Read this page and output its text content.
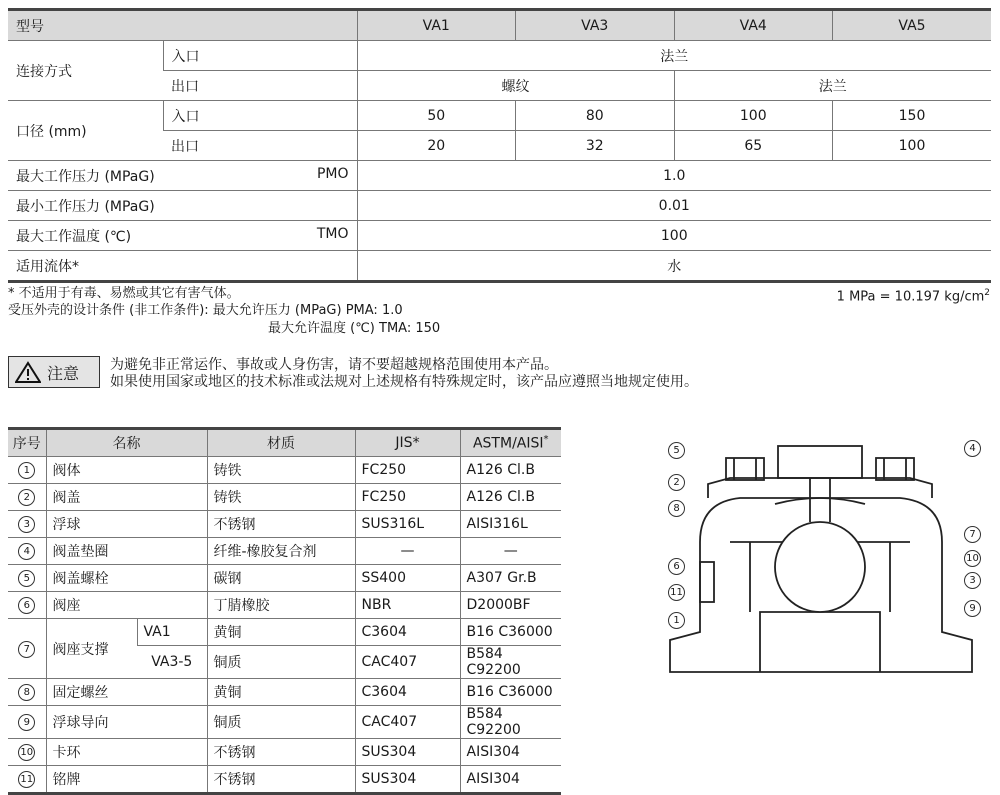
型号		VA1	VA3	VA4	VA5
连接方式	入口	法兰			
	出口	螺纹		法兰	
口径 (mm)	入口	50	80	100	150
	出口	20	32	65	100
最大工作压力 (MPaG) PMO		1.0			
最小工作压力 (MPaG)		0.01			
最大工作温度 (℃) TMO		100			
适用流体*		水			
* 不适用于有毒、易燃或其它有害气体。	1 MPa = 10.197 $kg/cm^2$
受压外壳的设计条件 (非工作条件): 最大允许压力 (MPaG) PMA: 1.0
最大允许温度 (℃) TMA: 150
注意 为避免非正常运作、事故或人身伤害，请不要超越规格范围使用本产品。
如果使用国家或地区的技术标准或法规对上述规格有特殊规定时，该产品应遵照当地规定使用。
序号	名称		材质	JIS*	ASTM/AISI*
1	阀体		铸铁	FC250	A126 Cl.B
2	阀盖		铸铁	FC250	A126 Cl.B
3	浮球		不锈钢	SUS316L	AISI316L
4	阀盖垫圈		纤维-橡胶复合剂	—	—
5	阀盖螺栓		碳钢	SS400	A307 Gr.B
6	阀座		丁腈橡胶	NBR	D2000BF
7	阀座支撑	VA1	黄铜	C3604	B16 C36000
		VA3-5	铜质	CAC407	B584 C92200
8	固定螺丝		黄铜	C3604	B16 C36000
9	浮球导向		铜质	CAC407	B584 C92200
10	卡环		不锈钢	SUS304	AISI304
11	铭牌		不锈钢	SUS304	AISI304
5
2
8
6
11
1
4
7
10
3
9
